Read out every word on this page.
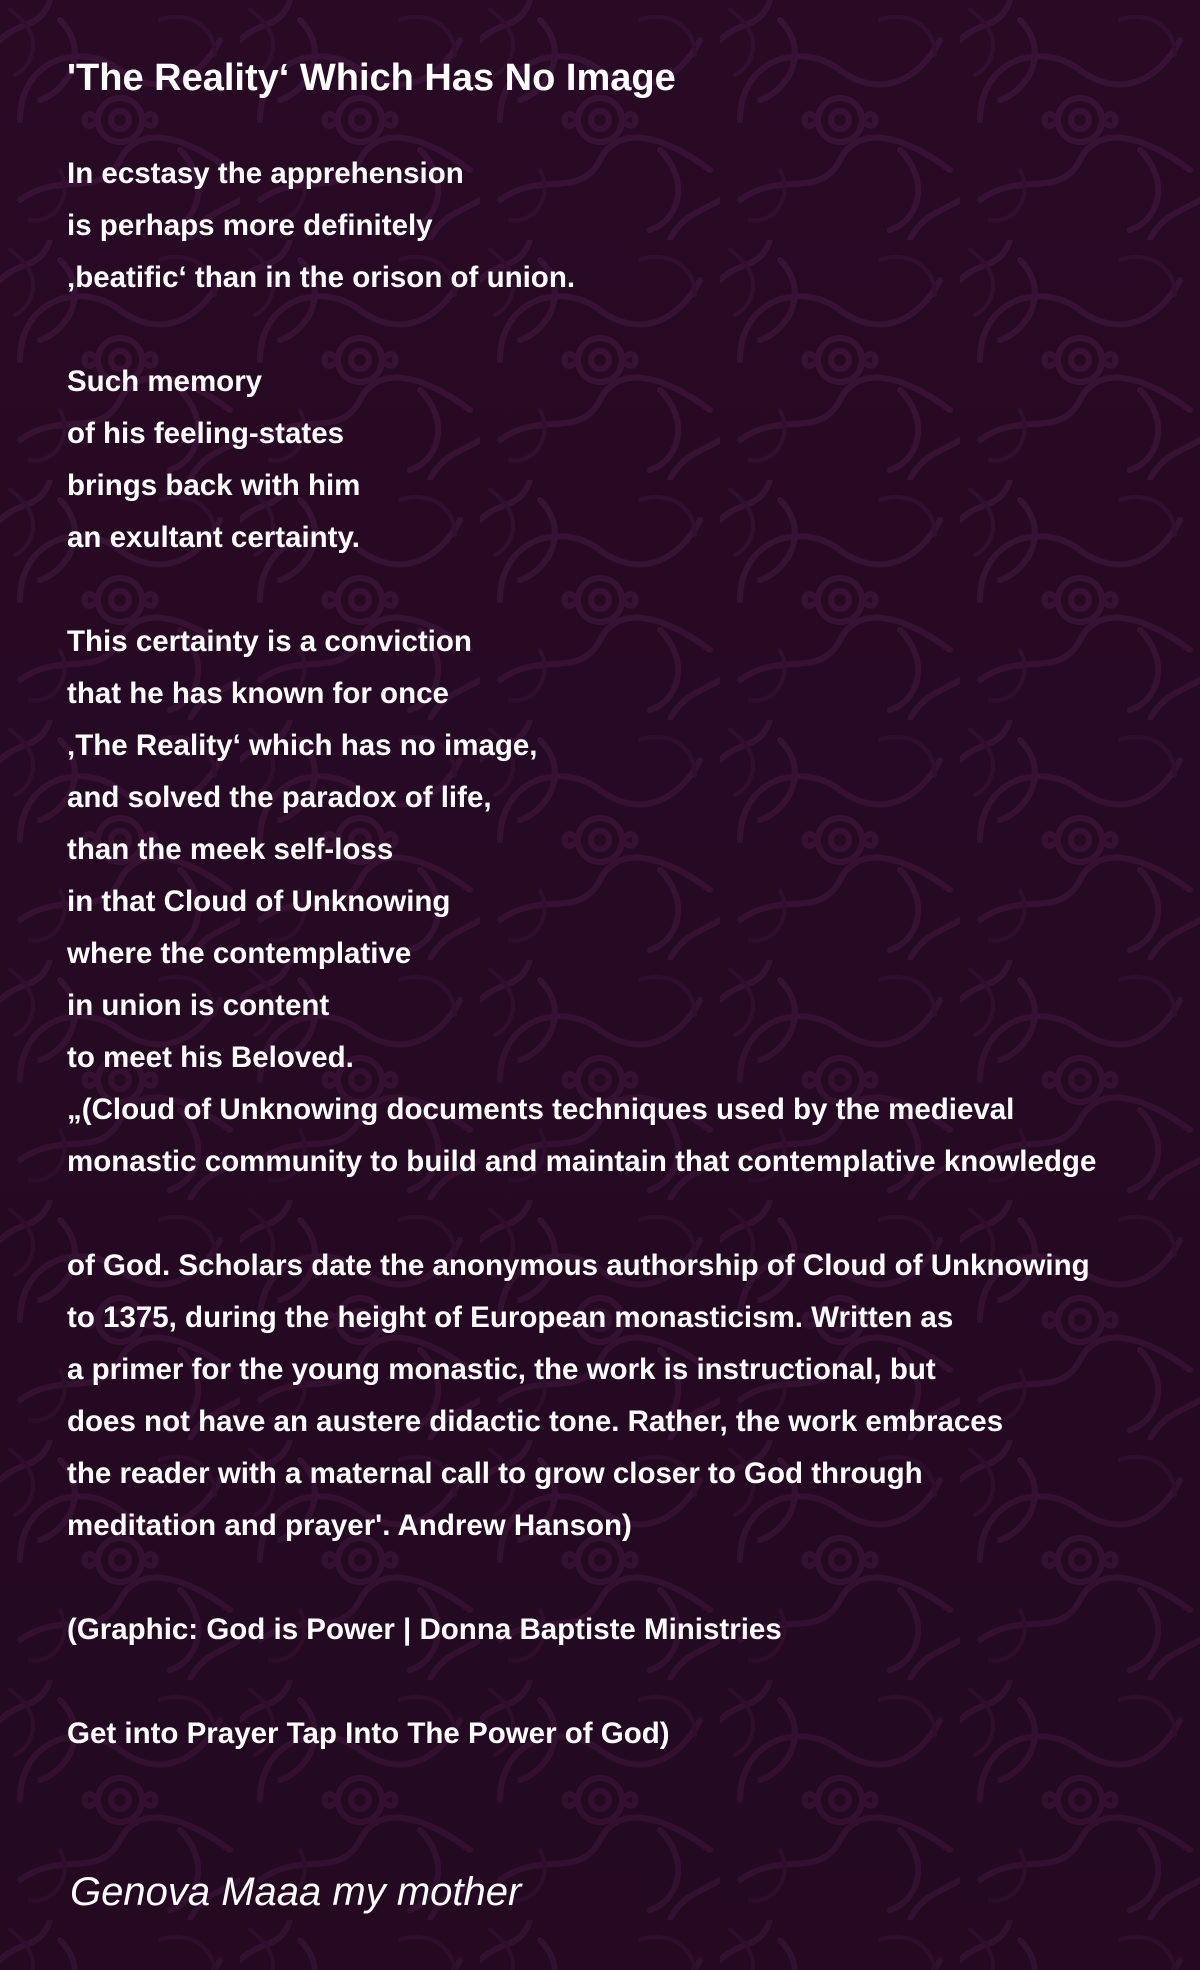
'The Reality‘ Which Has No Image
In ecstasy the apprehension
is perhaps more definitely
‚beatific‘ than in the orison of union.
Such memory
of his feeling-states
brings back with him
an exultant certainty.
This certainty is a conviction
that he has known for once
‚The Reality‘ which has no image,
and solved the paradox of life,
than the meek self-loss
in that Cloud of Unknowing
where the contemplative
in union is content
to meet his Beloved.
„(Cloud of Unknowing documents techniques used by the medieval
monastic community to build and maintain that contemplative knowledge
of God. Scholars date the anonymous authorship of Cloud of Unknowing
to 1375, during the height of European monasticism. Written as
a primer for the young monastic, the work is instructional, but
does not have an austere didactic tone. Rather, the work embraces
the reader with a maternal call to grow closer to God through
meditation and prayer'. Andrew Hanson)
(Graphic: God is Power | Donna Baptiste Ministries
Get into Prayer Tap Into The Power of God)
Genova Maaa my mother
